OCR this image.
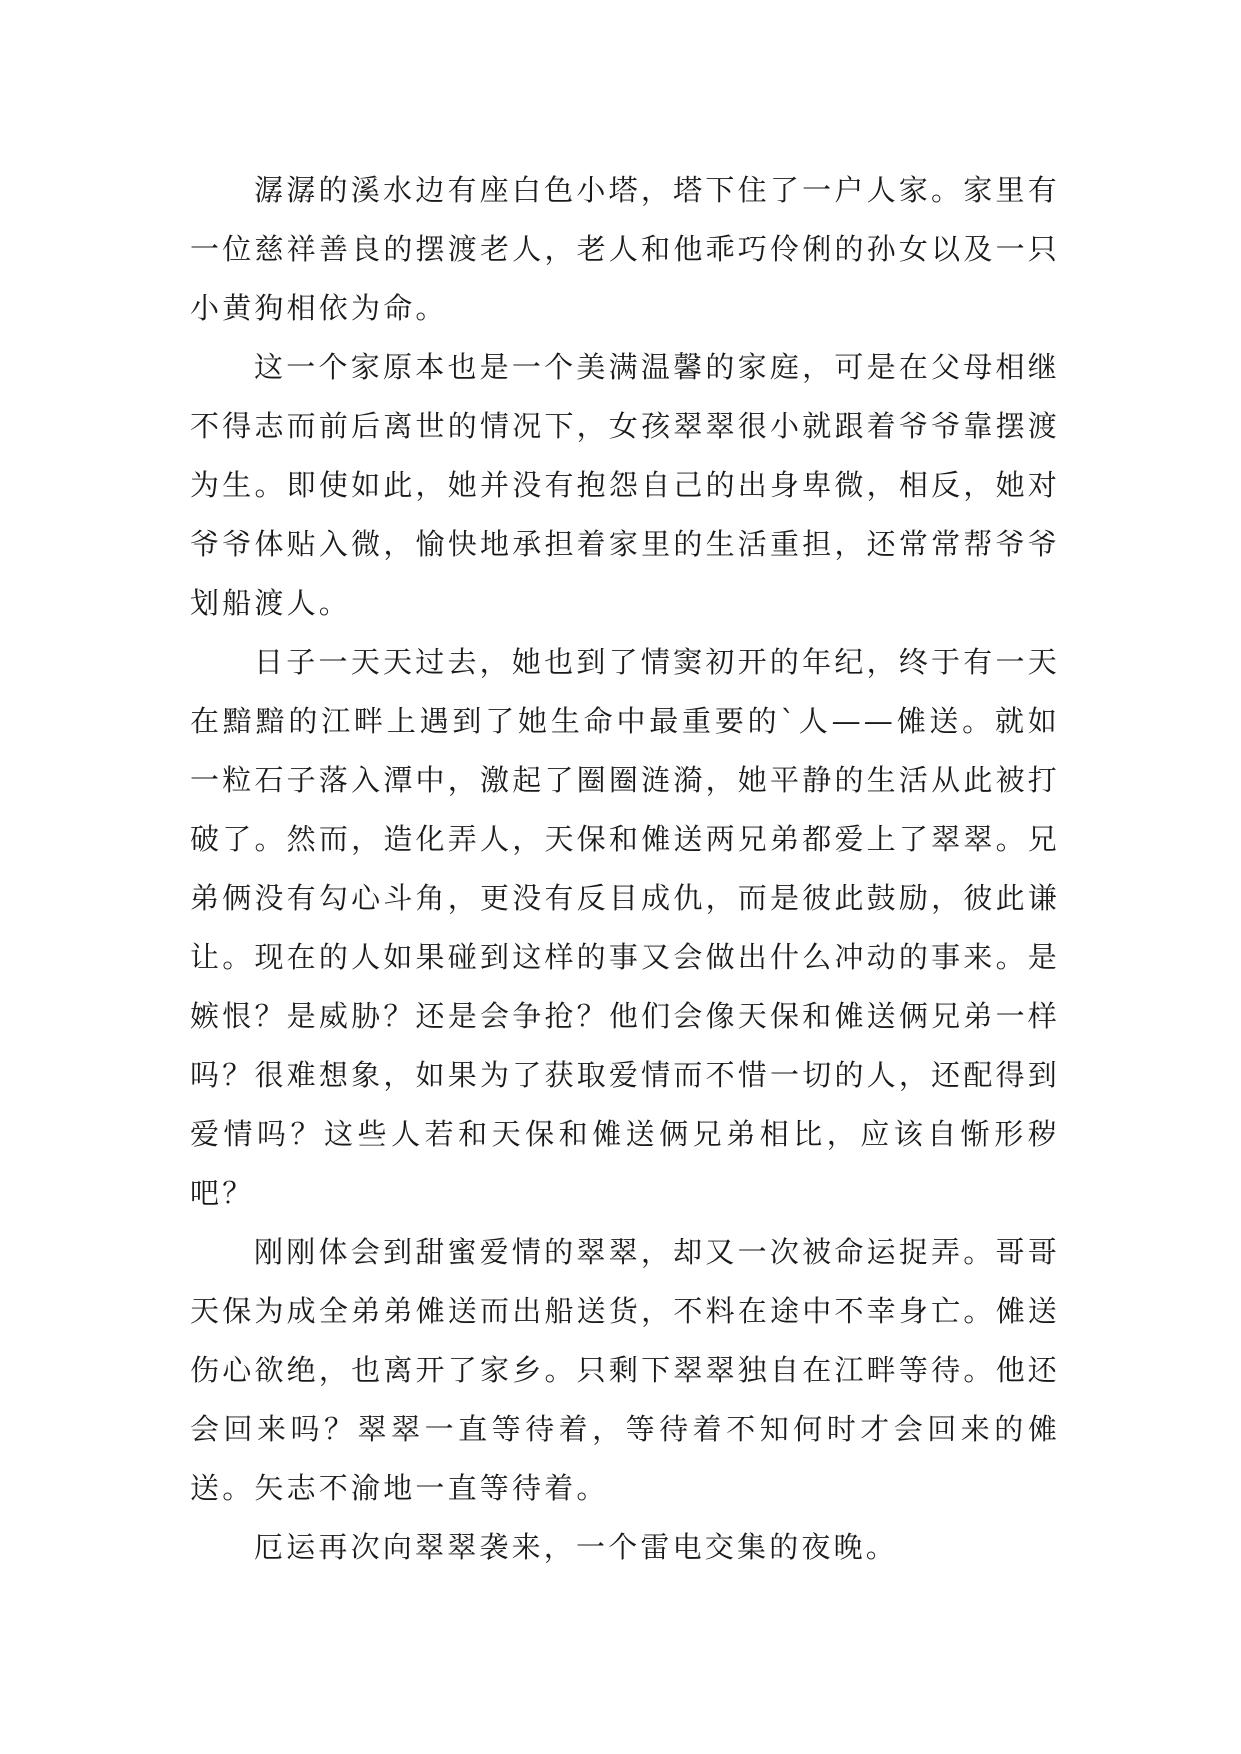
潺潺的溪水边有座白色小塔，塔下住了一户人家。家里有一位慈祥善良的摆渡老人，老人和他乖巧伶俐的孙女以及一只小黄狗相依为命。

这一个家原本也是一个美满温馨的家庭，可是在父母相继不得志而前后离世的情况下，女孩翠翠很小就跟着爷爷靠摆渡为生。即使如此，她并没有抱怨自己的出身卑微，相反，她对爷爷体贴入微，愉快地承担着家里的生活重担，还常常帮爷爷划船渡人。

日子一天天过去，她也到了情窦初开的年纪，终于有一天在黯黯的江畔上遇到了她生命中最重要的`人——傩送。就如一粒石子落入潭中，激起了圈圈涟漪，她平静的生活从此被打破了。然而，造化弄人，天保和傩送两兄弟都爱上了翠翠。兄弟俩没有勾心斗角，更没有反目成仇，而是彼此鼓励，彼此谦让。现在的人如果碰到这样的事又会做出什么冲动的事来。是嫉恨？是威胁？还是会争抢？他们会像天保和傩送俩兄弟一样吗？很难想象，如果为了获取爱情而不惜一切的人，还配得到爱情吗？这些人若和天保和傩送俩兄弟相比，应该自惭形秽吧？

刚刚体会到甜蜜爱情的翠翠，却又一次被命运捉弄。哥哥天保为成全弟弟傩送而出船送货，不料在途中不幸身亡。傩送伤心欲绝，也离开了家乡。只剩下翠翠独自在江畔等待。他还会回来吗？翠翠一直等待着，等待着不知何时才会回来的傩送。矢志不渝地一直等待着。

厄运再次向翠翠袭来，一个雷电交集的夜晚。
